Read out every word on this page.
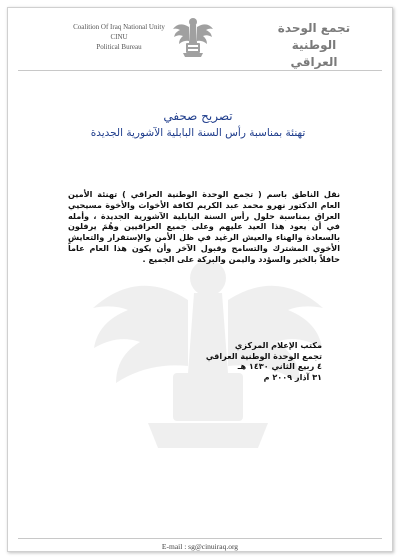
Coalition Of Iraq National Unity
CINU
Political Bureau
تجمع الوحدة الوطنية
العراقي
تصريح صحفي
تهنئة بمناسبة رأس السنة البابلية الآشورية الجديدة
نقل الناطق باسم ( تجمع الوحدة الوطنية العراقي ) تهنئة الأمين العام الدكتور نهرو محمد عبد الكريم لكافة الأخوات والأخوة مسيحيي العراق بمناسبة حلول رأس السنة البابلية الآشورية الجديدة ، وأمله في أن يعود هذا العيد عليهم وعلى جميع العراقيين وهُمَ يرفلون بالسعادة والهناء والعيش الرغيد في ظل الأمن والإستقرار والتعايش الأخوي المشترك والتسامح وقبول الآخر وأن يكون هذا العام عاماً حافلاً بالخير والسؤدد واليمن والبركة على الجميع .
مكتب الإعلام المركزي
تجمع الوحدة الوطنية العراقي
٤ ربيع الثاني ١٤٣٠ هـ
٣١ آذار ٢٠٠٩ م
E-mail : sg@cinuiraq.org
